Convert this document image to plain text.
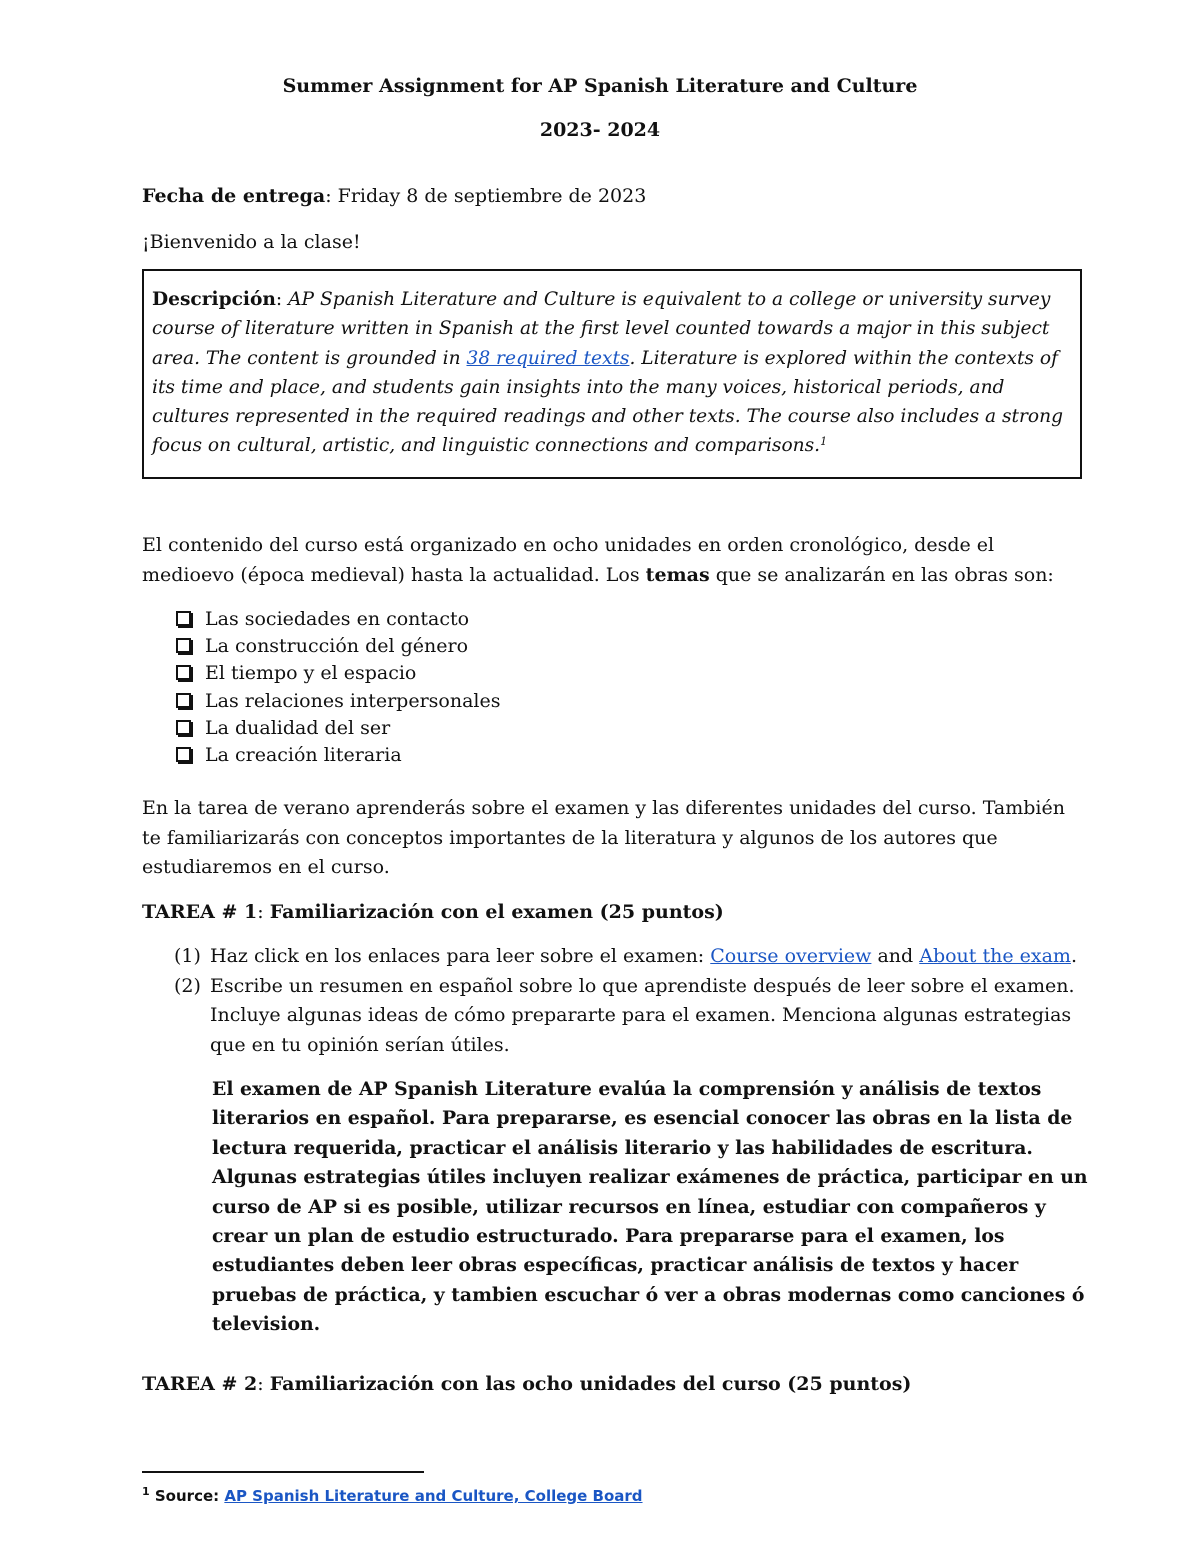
Summer Assignment for AP Spanish Literature and Culture
2023- 2024
Fecha de entrega: Friday 8 de septiembre de 2023
¡Bienvenido a la clase!
Descripción: AP Spanish Literature and Culture is equivalent to a college or university survey course of literature written in Spanish at the first level counted towards a major in this subject area. The content is grounded in 38 required texts. Literature is explored within the contexts of its time and place, and students gain insights into the many voices, historical periods, and cultures represented in the required readings and other texts. The course also includes a strong focus on cultural, artistic, and linguistic connections and comparisons.$^1$
El contenido del curso está organizado en ocho unidades en orden cronológico, desde el medioevo (época medieval) hasta la actualidad. Los temas que se analizarán en las obras son:
Las sociedades en contacto
La construcción del género
El tiempo y el espacio
Las relaciones interpersonales
La dualidad del ser
La creación literaria
En la tarea de verano aprenderás sobre el examen y las diferentes unidades del curso. También te familiarizarás con conceptos importantes de la literatura y algunos de los autores que estudiaremos en el curso.
TAREA # 1: Familiarización con el examen (25 puntos)
(1) Haz click en los enlaces para leer sobre el examen: Course overview and About the exam.
(2) Escribe un resumen en español sobre lo que aprendiste después de leer sobre el examen. Incluye algunas ideas de cómo prepararte para el examen. Menciona algunas estrategias que en tu opinión serían útiles.
El examen de AP Spanish Literature evalúa la comprensión y análisis de textos literarios en español. Para prepararse, es esencial conocer las obras en la lista de lectura requerida, practicar el análisis literario y las habilidades de escritura. Algunas estrategias útiles incluyen realizar exámenes de práctica, participar en un curso de AP si es posible, utilizar recursos en línea, estudiar con compañeros y crear un plan de estudio estructurado. Para prepararse para el examen, los estudiantes deben leer obras específicas, practicar análisis de textos y hacer pruebas de práctica, y tambien escuchar ó ver a obras modernas como canciones ó television.
TAREA # 2: Familiarización con las ocho unidades del curso (25 puntos)
$^1$ Source: AP Spanish Literature and Culture, College Board
